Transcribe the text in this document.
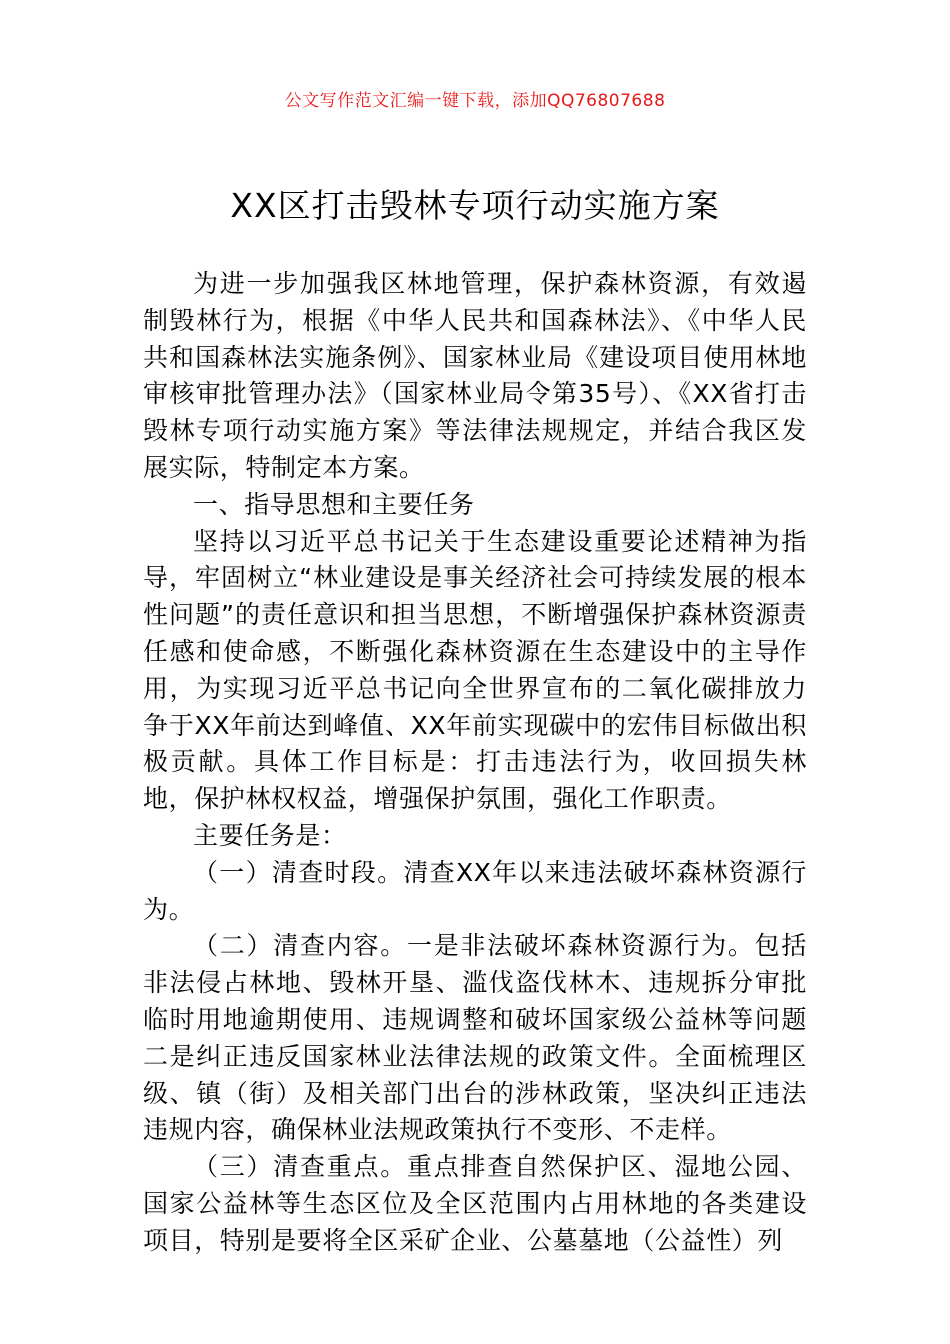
公文写作范文汇编一键下载，添加QQ76807688
XX区打击毁林专项行动实施方案

为进一步加强我区林地管理，保护森林资源，有效遏制毁林行为，根据《中华人民共和国森林法》、《中华人民共和国森林法实施条例》、国家林业局《建设项目使用林地审核审批管理办法》（国家林业局令第35号）、《XX省打击毁林专项行动实施方案》等法律法规规定，并结合我区发展实际，特制定本方案。

一、指导思想和主要任务

坚持以习近平总书记关于生态建设重要论述精神为指导，牢固树立“林业建设是事关经济社会可持续发展的根本性问题”的责任意识和担当思想，不断增强保护森林资源责任感和使命感，不断强化森林资源在生态建设中的主导作用，为实现习近平总书记向全世界宣布的二氧化碳排放力争于XX年前达到峰值、XX年前实现碳中的宏伟目标做出积极贡献。具体工作目标是：打击违法行为，收回损失林地，保护林权权益，增强保护氛围，强化工作职责。

主要任务是：

（一）清查时段。清查XX年以来违法破坏森林资源行为。

（二）清查内容。一是非法破坏森林资源行为。包括非法侵占林地、毁林开垦、滥伐盗伐林木、违规拆分审批临时用地逾期使用、违规调整和破坏国家级公益林等问题二是纠正违反国家林业法律法规的政策文件。全面梳理区级、镇（街）及相关部门出台的涉林政策，坚决纠正违法违规内容，确保林业法规政策执行不变形、不走样。

（三）清查重点。重点排查自然保护区、湿地公园、国家公益林等生态区位及全区范围内占用林地的各类建设项目，特别是要将全区采矿企业、公墓墓地（公益性）列
